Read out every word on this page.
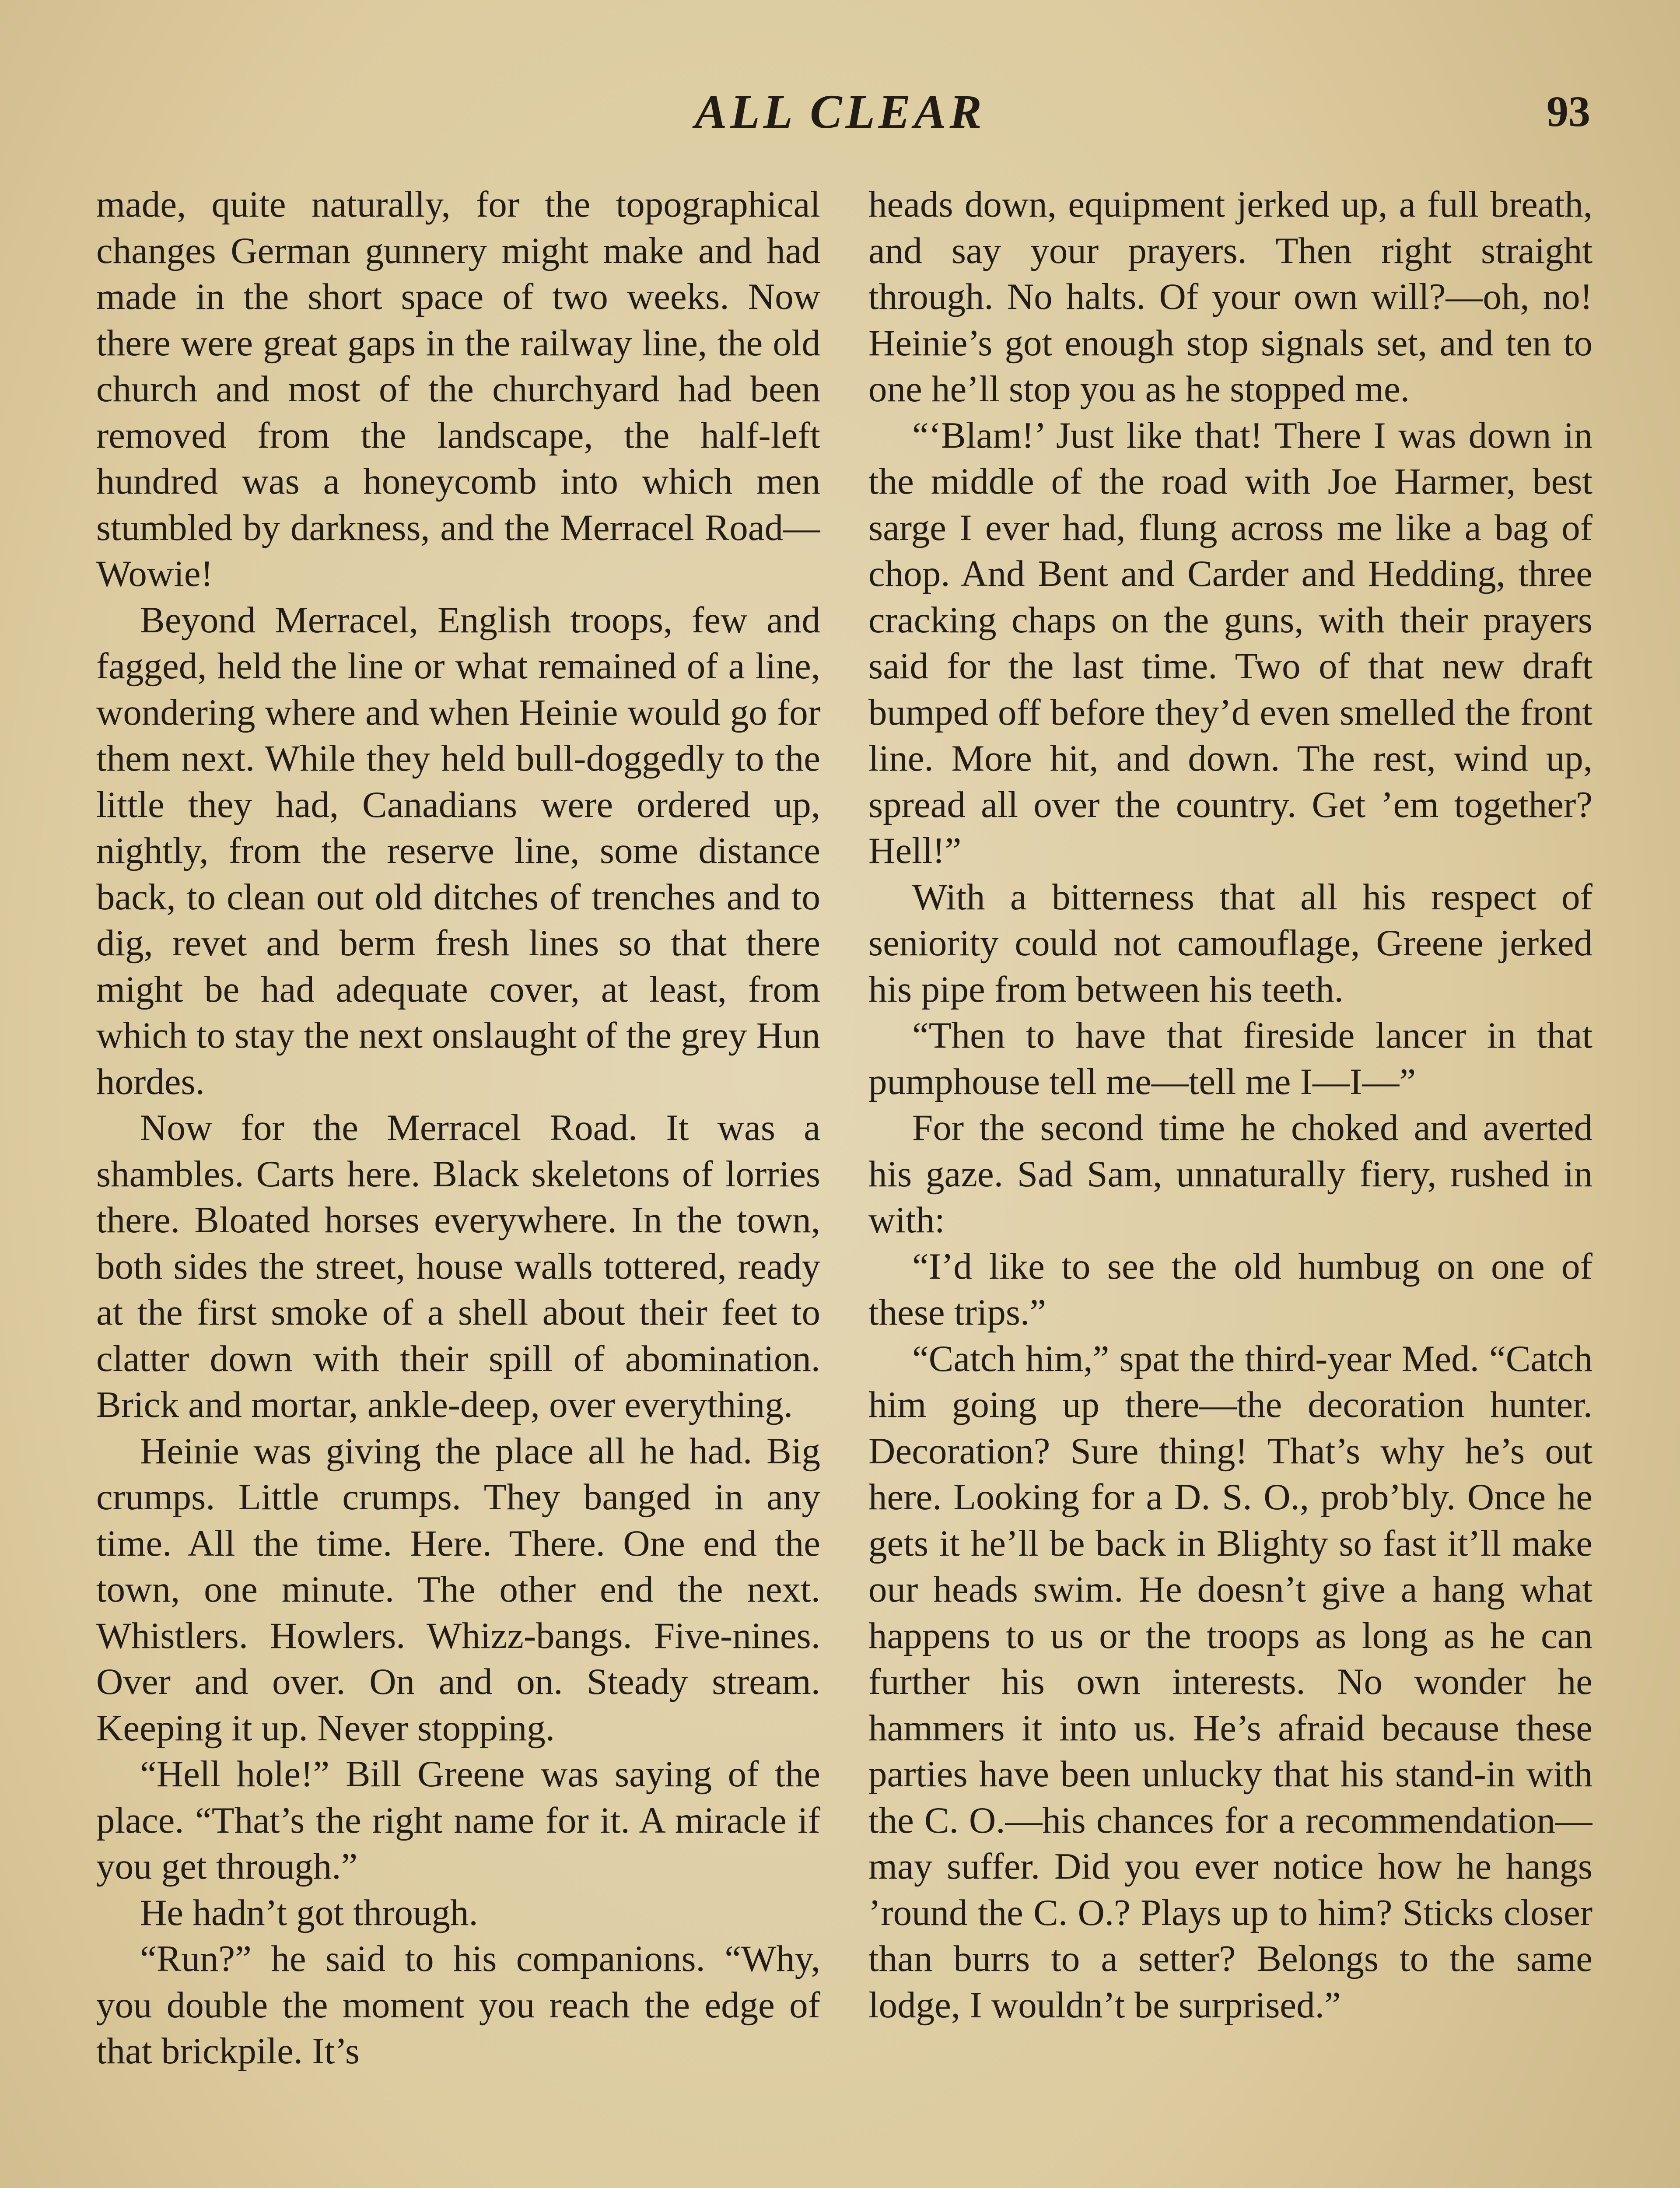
ALL CLEAR	93

made, quite naturally, for the topographical changes German gunnery might make and had made in the short space of two weeks. Now there were great gaps in the railway line, the old church and most of the churchyard had been removed from the landscape, the half-left hundred was a honeycomb into which men stumbled by darkness, and the Merracel Road—Wowie!

Beyond Merracel, English troops, few and fagged, held the line or what remained of a line, wondering where and when Heinie would go for them next. While they held bull-doggedly to the little they had, Canadians were ordered up, nightly, from the reserve line, some distance back, to clean out old ditches of trenches and to dig, revet and berm fresh lines so that there might be had adequate cover, at least, from which to stay the next onslaught of the grey Hun hordes.

Now for the Merracel Road. It was a shambles. Carts here. Black skeletons of lorries there. Bloated horses everywhere. In the town, both sides the street, house walls tottered, ready at the first smoke of a shell about their feet to clatter down with their spill of abomination. Brick and mortar, ankle-deep, over everything.

Heinie was giving the place all he had. Big crumps. Little crumps. They banged in any time. All the time. Here. There. One end the town, one minute. The other end the next. Whistlers. Howlers. Whizz-bangs. Five-nines. Over and over. On and on. Steady stream. Keeping it up. Never stopping.

“Hell hole!” Bill Greene was saying of the place. “That’s the right name for it. A miracle if you get through.”

He hadn’t got through.

“Run?” he said to his companions. “Why, you double the moment you reach the edge of that brickpile. It’s

heads down, equipment jerked up, a full breath, and say your prayers. Then right straight through. No halts. Of your own will?—oh, no! Heinie’s got enough stop signals set, and ten to one he’ll stop you as he stopped me.

“‘Blam!’ Just like that! There I was down in the middle of the road with Joe Harmer, best sarge I ever had, flung across me like a bag of chop. And Bent and Carder and Hedding, three cracking chaps on the guns, with their prayers said for the last time. Two of that new draft bumped off before they’d even smelled the front line. More hit, and down. The rest, wind up, spread all over the country. Get ’em together? Hell!”

With a bitterness that all his respect of seniority could not camouflage, Greene jerked his pipe from between his teeth.

“Then to have that fireside lancer in that pumphouse tell me—tell me I—I—”

For the second time he choked and averted his gaze. Sad Sam, unnaturally fiery, rushed in with:

“I’d like to see the old humbug on one of these trips.”

“Catch him,” spat the third-year Med. “Catch him going up there—the decoration hunter. Decoration? Sure thing! That’s why he’s out here. Looking for a D. S. O., prob’bly. Once he gets it he’ll be back in Blighty so fast it’ll make our heads swim. He doesn’t give a hang what happens to us or the troops as long as he can further his own interests. No wonder he hammers it into us. He’s afraid because these parties have been unlucky that his stand-in with the C. O.—his chances for a recommendation—may suffer. Did you ever notice how he hangs ’round the C. O.? Plays up to him? Sticks closer than burrs to a setter? Belongs to the same lodge, I wouldn’t be surprised.”
